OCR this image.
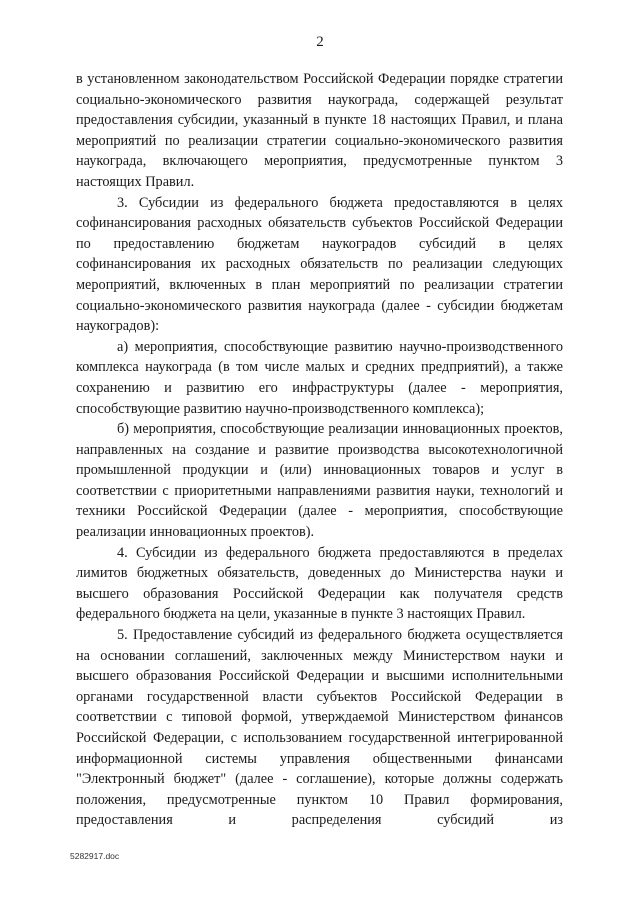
2

в установленном законодательством Российской Федерации порядке стратегии социально-экономического развития наукограда, содержащей результат предоставления субсидии, указанный в пункте 18 настоящих Правил, и плана мероприятий по реализации стратегии социально-экономического развития наукограда, включающего мероприятия, предусмотренные пунктом 3 настоящих Правил.

3. Субсидии из федерального бюджета предоставляются в целях софинансирования расходных обязательств субъектов Российской Федерации по предоставлению бюджетам наукоградов субсидий в целях софинансирования их расходных обязательств по реализации следующих мероприятий, включенных в план мероприятий по реализации стратегии социально-экономического развития наукограда (далее - субсидии бюджетам наукоградов):

а) мероприятия, способствующие развитию научно-производственного комплекса наукограда (в том числе малых и средних предприятий), а также сохранению и развитию его инфраструктуры (далее - мероприятия, способствующие развитию научно-производственного комплекса);

б) мероприятия, способствующие реализации инновационных проектов, направленных на создание и развитие производства высокотехнологичной промышленной продукции и (или) инновационных товаров и услуг в соответствии с приоритетными направлениями развития науки, технологий и техники Российской Федерации (далее - мероприятия, способствующие реализации инновационных проектов).

4. Субсидии из федерального бюджета предоставляются в пределах лимитов бюджетных обязательств, доведенных до Министерства науки и высшего образования Российской Федерации как получателя средств федерального бюджета на цели, указанные в пункте 3 настоящих Правил.

5. Предоставление субсидий из федерального бюджета осуществляется на основании соглашений, заключенных между Министерством науки и высшего образования Российской Федерации и высшими исполнительными органами государственной власти субъектов Российской Федерации в соответствии с типовой формой, утверждаемой Министерством финансов Российской Федерации, с использованием государственной интегрированной информационной системы управления общественными финансами "Электронный бюджет" (далее - соглашение), которые должны содержать положения, предусмотренные пунктом 10 Правил формирования, предоставления и распределения субсидий из

5282917.doc
